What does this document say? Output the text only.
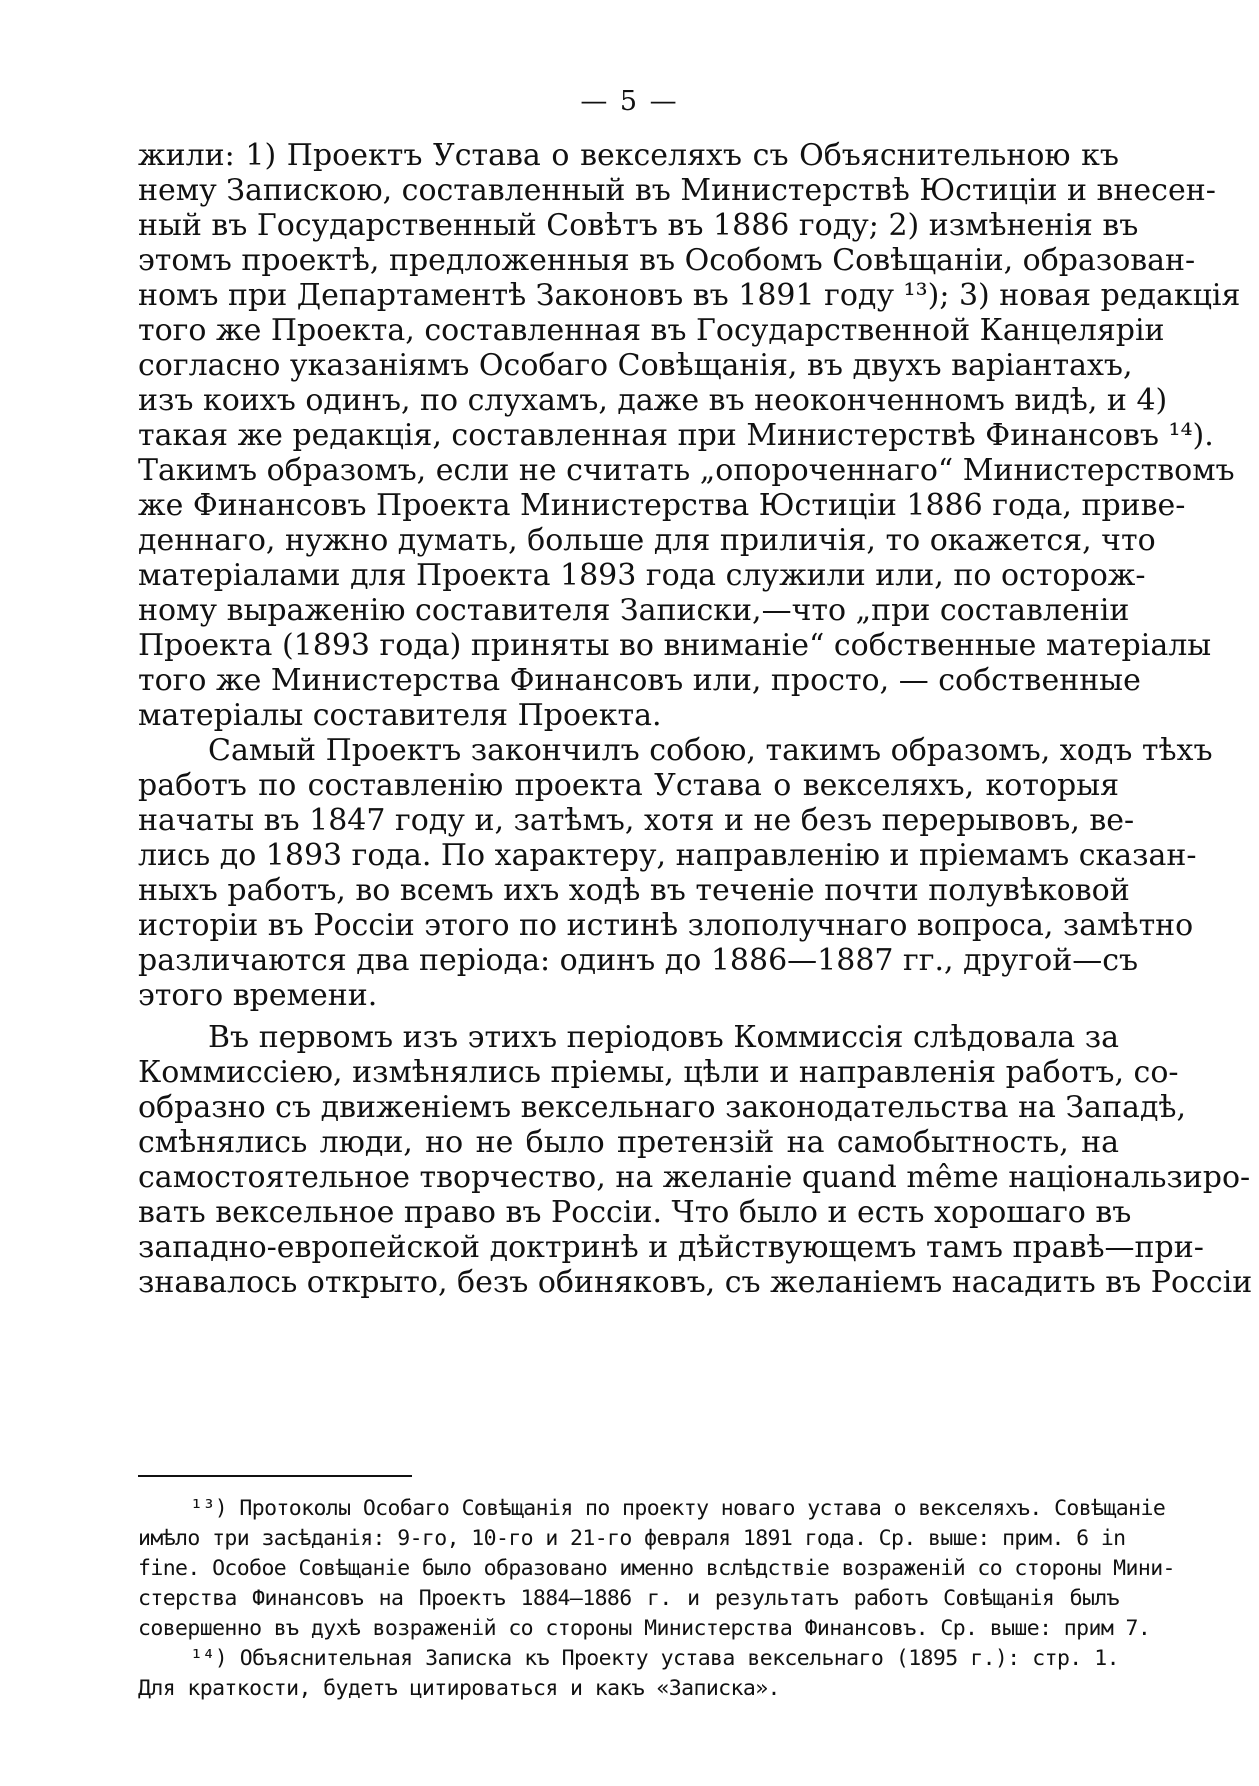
— 5 —
жили: 1) Проектъ Устава о векселяхъ съ Объяснительною къ
нему Запискою, составленный въ Министерствѣ Юстиціи и внесен-
ный въ Государственный Совѣтъ въ 1886 году; 2) измѣненія въ
этомъ проектѣ, предложенныя въ Особомъ Совѣщаніи, образован-
номъ при Департаментѣ Законовъ въ 1891 году ¹³); 3) новая редакція
того же Проекта, составленная въ Государственной Канцеляріи
согласно указаніямъ Особаго Совѣщанія, въ двухъ варіантахъ,
изъ коихъ одинъ, по слухамъ, даже въ неоконченномъ видѣ, и 4)
такая же редакція, составленная при Министерствѣ Финансовъ ¹⁴).
Такимъ образомъ, если не считать „опороченнаго“ Министерствомъ
же Финансовъ Проекта Министерства Юстиціи 1886 года, приве-
деннаго, нужно думать, больше для приличія, то окажется, что
матеріалами для Проекта 1893 года служили или, по осторож-
ному выраженію составителя Записки,—что „при составленіи
Проекта (1893 года) приняты во вниманіе“ собственные матеріалы
того же Министерства Финансовъ или, просто, — собственные
матеріалы составителя Проекта.
Самый Проектъ закончилъ собою, такимъ образомъ, ходъ тѣхъ
работъ по составленію проекта Устава о векселяхъ, которыя
начаты въ 1847 году и, затѣмъ, хотя и не безъ перерывовъ, ве-
лись до 1893 года. По характеру, направленію и пріемамъ сказан-
ныхъ работъ, во всемъ ихъ ходѣ въ теченіе почти полувѣковой
исторіи въ Россіи этого по истинѣ злополучнаго вопроса, замѣтно
различаются два періода: одинъ до 1886—1887 гг., другой—съ
этого времени.
Въ первомъ изъ этихъ періодовъ Коммиссія слѣдовала за
Коммиссіею, измѣнялись пріемы, цѣли и направленія работъ, со-
образно съ движеніемъ вексельнаго законодательства на Западѣ,
смѣнялись люди, но не было претензій на самобытность, на
самостоятельное творчество, на желаніе quand même національзиро-
вать вексельное право въ Россіи. Что было и есть хорошаго въ
западно-европейской доктринѣ и дѣйствующемъ тамъ правѣ—при-
знавалось открыто, безъ обиняковъ, съ желаніемъ насадить въ Россіи
¹³) Протоколы Особаго Совѣщанія по проекту новаго устава о векселяхъ. Совѣщаніе
имѣло три засѣданія: 9-го, 10-го и 21-го февраля 1891 года. Ср. выше: прим. 6 in
fine. Особое Совѣщаніе было образовано именно вслѣдствіе возраженій со стороны Мини-
стерства Финансовъ на Проектъ 1884—1886 г. и результатъ работъ Совѣщанія былъ
совершенно въ духѣ возраженій со стороны Министерства Финансовъ. Ср. выше: прим 7.
¹⁴) Объяснительная Записка къ Проекту устава вексельнаго (1895 г.): стр. 1.
Для краткости, будетъ цитироваться и какъ «Записка».
